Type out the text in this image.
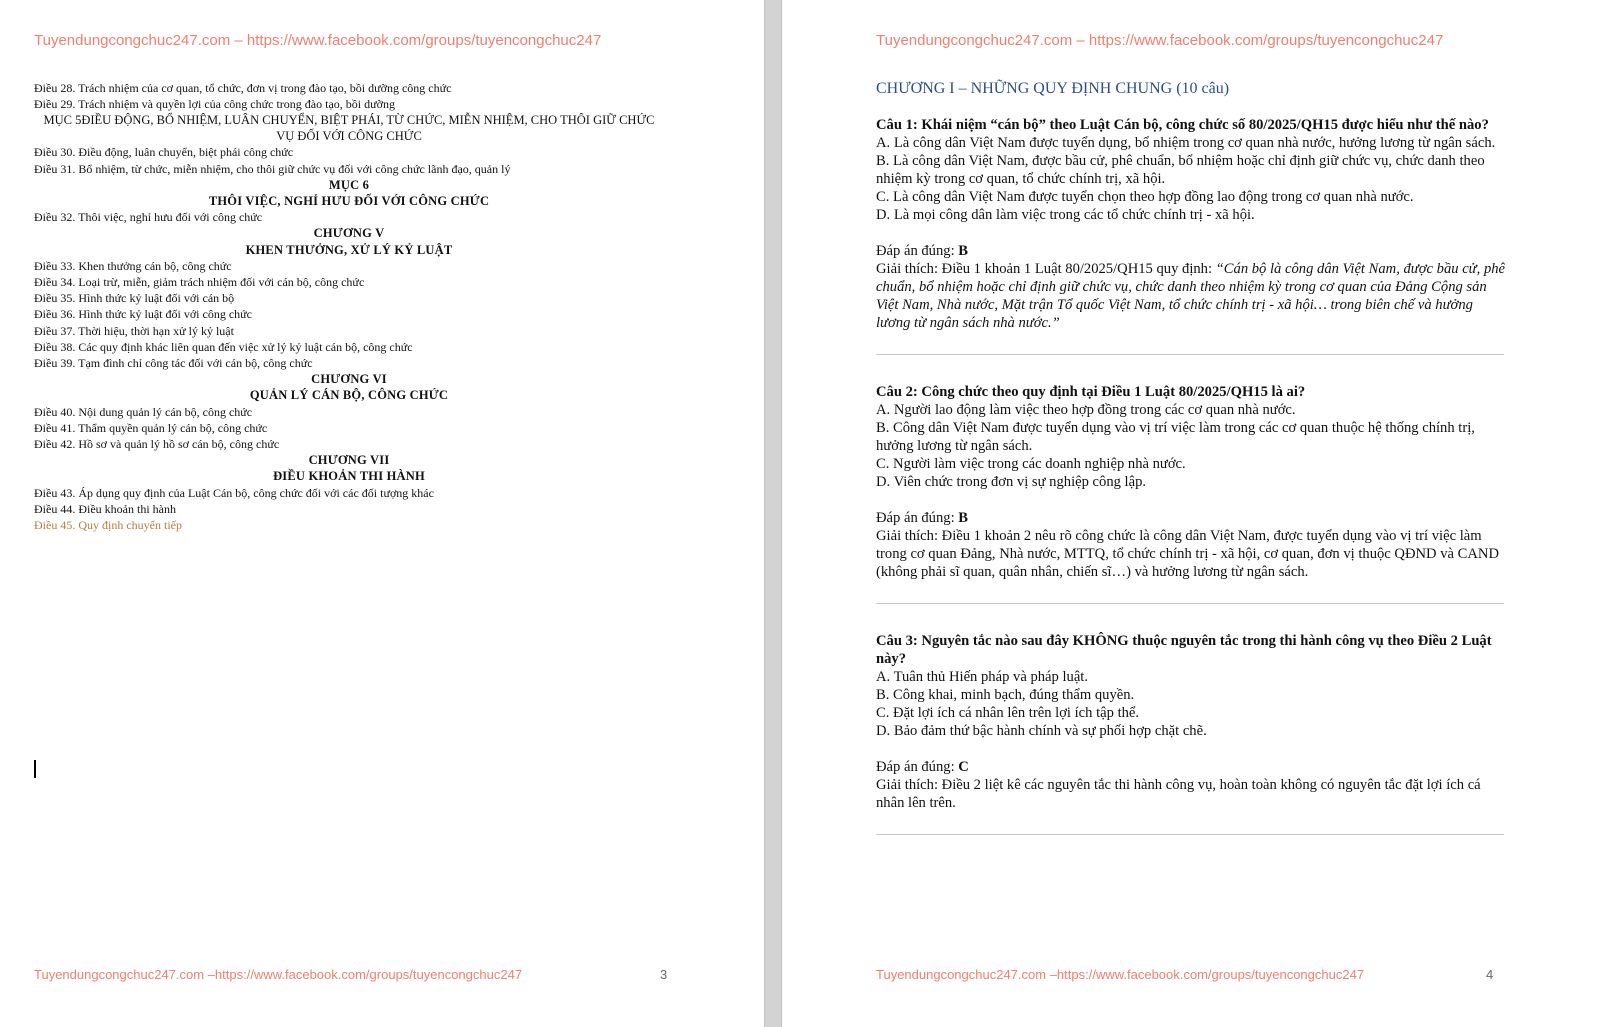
Tuyendungcongchuc247.com – https://www.facebook.com/groups/tuyencongchuc247
Điều 28. Trách nhiệm của cơ quan, tổ chức, đơn vị trong đào tạo, bồi dưỡng công chức
Điều 29. Trách nhiệm và quyền lợi của công chức trong đào tạo, bồi dưỡng
MỤC 5ĐIỀU ĐỘNG, BỔ NHIỆM, LUÂN CHUYỂN, BIỆT PHÁI, TỪ CHỨC, MIỄN NHIỆM, CHO THÔI GIỮ CHỨC VỤ ĐỐI VỚI CÔNG CHỨC
Điều 30. Điều động, luân chuyển, biệt phái công chức
Điều 31. Bổ nhiệm, từ chức, miễn nhiệm, cho thôi giữ chức vụ đối với công chức lãnh đạo, quản lý
MỤC 6
THÔI VIỆC, NGHỈ HƯU ĐỐI VỚI CÔNG CHỨC
Điều 32. Thôi việc, nghỉ hưu đối với công chức
CHƯƠNG V
KHEN THƯỞNG, XỬ LÝ KỶ LUẬT
Điều 33. Khen thưởng cán bộ, công chức
Điều 34. Loại trừ, miễn, giảm trách nhiệm đối với cán bộ, công chức
Điều 35. Hình thức kỷ luật đối với cán bộ
Điều 36. Hình thức kỷ luật đối với công chức
Điều 37. Thời hiệu, thời hạn xử lý kỷ luật
Điều 38. Các quy định khác liên quan đến việc xử lý kỷ luật cán bộ, công chức
Điều 39. Tạm đình chỉ công tác đối với cán bộ, công chức
CHƯƠNG VI
QUẢN LÝ CÁN BỘ, CÔNG CHỨC
Điều 40. Nội dung quản lý cán bộ, công chức
Điều 41. Thẩm quyền quản lý cán bộ, công chức
Điều 42. Hồ sơ và quản lý hồ sơ cán bộ, công chức
CHƯƠNG VII
ĐIỀU KHOẢN THI HÀNH
Điều 43. Áp dụng quy định của Luật Cán bộ, công chức đối với các đối tượng khác
Điều 44. Điều khoản thi hành
Điều 45. Quy định chuyển tiếp
Tuyendungcongchuc247.com –https://www.facebook.com/groups/tuyencongchuc247	3
Tuyendungcongchuc247.com – https://www.facebook.com/groups/tuyencongchuc247

CHƯƠNG I – NHỮNG QUY ĐỊNH CHUNG (10 câu)

Câu 1: Khái niệm “cán bộ” theo Luật Cán bộ, công chức số 80/2025/QH15 được hiểu như thế nào?

A. Là công dân Việt Nam được tuyển dụng, bổ nhiệm trong cơ quan nhà nước, hưởng lương từ ngân sách.

B. Là công dân Việt Nam, được bầu cử, phê chuẩn, bổ nhiệm hoặc chỉ định giữ chức vụ, chức danh theo nhiệm kỳ trong cơ quan, tổ chức chính trị, xã hội.

C. Là công dân Việt Nam được tuyển chọn theo hợp đồng lao động trong cơ quan nhà nước.

D. Là mọi công dân làm việc trong các tổ chức chính trị - xã hội.

Đáp án đúng: B

Giải thích: Điều 1 khoản 1 Luật 80/2025/QH15 quy định: “Cán bộ là công dân Việt Nam, được bầu cử, phê chuẩn, bổ nhiệm hoặc chỉ định giữ chức vụ, chức danh theo nhiệm kỳ trong cơ quan của Đảng Cộng sản Việt Nam, Nhà nước, Mặt trận Tổ quốc Việt Nam, tổ chức chính trị - xã hội… trong biên chế và hưởng lương từ ngân sách nhà nước.”

Câu 2: Công chức theo quy định tại Điều 1 Luật 80/2025/QH15 là ai?

A. Người lao động làm việc theo hợp đồng trong các cơ quan nhà nước.

B. Công dân Việt Nam được tuyển dụng vào vị trí việc làm trong các cơ quan thuộc hệ thống chính trị, hưởng lương từ ngân sách.

C. Người làm việc trong các doanh nghiệp nhà nước.

D. Viên chức trong đơn vị sự nghiệp công lập.

Đáp án đúng: B

Giải thích: Điều 1 khoản 2 nêu rõ công chức là công dân Việt Nam, được tuyển dụng vào vị trí việc làm trong cơ quan Đảng, Nhà nước, MTTQ, tổ chức chính trị - xã hội, cơ quan, đơn vị thuộc QĐND và CAND (không phải sĩ quan, quân nhân, chiến sĩ…) và hưởng lương từ ngân sách.

Câu 3: Nguyên tắc nào sau đây KHÔNG thuộc nguyên tắc trong thi hành công vụ theo Điều 2 Luật này?

A. Tuân thủ Hiến pháp và pháp luật.

B. Công khai, minh bạch, đúng thẩm quyền.

C. Đặt lợi ích cá nhân lên trên lợi ích tập thể.

D. Bảo đảm thứ bậc hành chính và sự phối hợp chặt chẽ.

Đáp án đúng: C

Giải thích: Điều 2 liệt kê các nguyên tắc thi hành công vụ, hoàn toàn không có nguyên tắc đặt lợi ích cá nhân lên trên.

Tuyendungcongchuc247.com –https://www.facebook.com/groups/tuyencongchuc247	4
